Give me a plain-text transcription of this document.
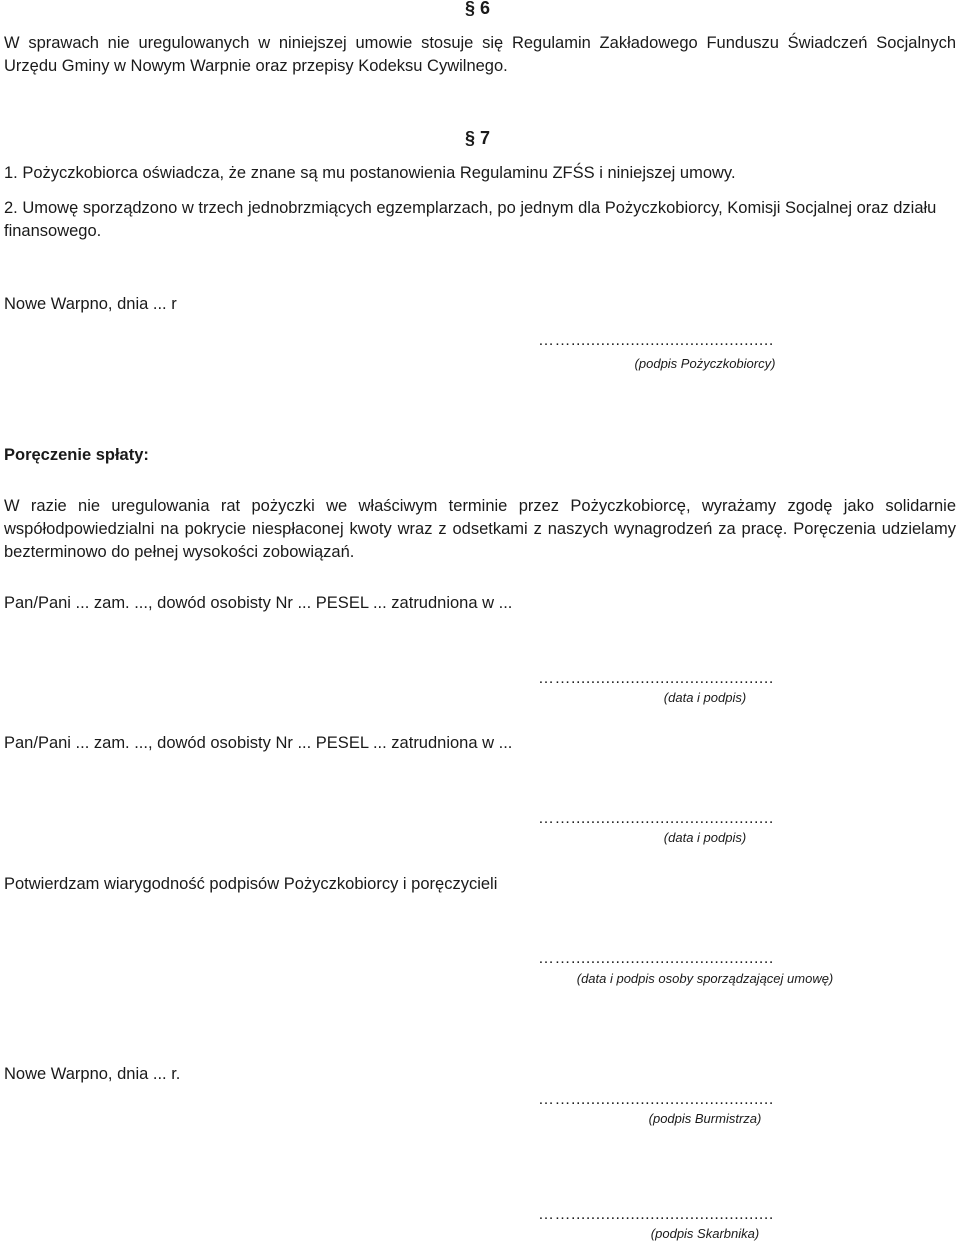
§ 6
W sprawach nie uregulowanych w niniejszej umowie stosuje się Regulamin Zakładowego Funduszu Świadczeń Socjalnych Urzędu Gminy w Nowym Warpnie oraz przepisy Kodeksu Cywilnego.
§ 7
1. Pożyczkobiorca oświadcza, że znane są mu postanowienia Regulaminu ZFŚS i niniejszej umowy.
2. Umowę sporządzono w trzech jednobrzmiących egzemplarzach, po jednym dla Pożyczkobiorcy, Komisji Socjalnej oraz działu finansowego.
Nowe Warpno, dnia ... r
…….........................................
(podpis Pożyczkobiorcy)
Poręczenie spłaty:
W razie nie uregulowania rat pożyczki we właściwym terminie przez Pożyczkobiorcę, wyrażamy zgodę jako solidarnie współodpowiedzialni na pokrycie niespłaconej kwoty wraz z odsetkami z naszych wynagrodzeń za pracę. Poręczenia udzielamy bezterminowo do pełnej wysokości zobowiązań.
Pan/Pani ... zam. ..., dowód osobisty Nr ... PESEL ... zatrudniona w ...
…….........................................
(data i podpis)
Pan/Pani ... zam. ..., dowód osobisty Nr ... PESEL ... zatrudniona w ...
…….........................................
(data i podpis)
Potwierdzam wiarygodność podpisów Pożyczkobiorcy i poręczycieli
…….........................................
(data i podpis osoby sporządzającej umowę)
Nowe Warpno, dnia ... r.
…….........................................
(podpis Burmistrza)
…….........................................
(podpis Skarbnika)
